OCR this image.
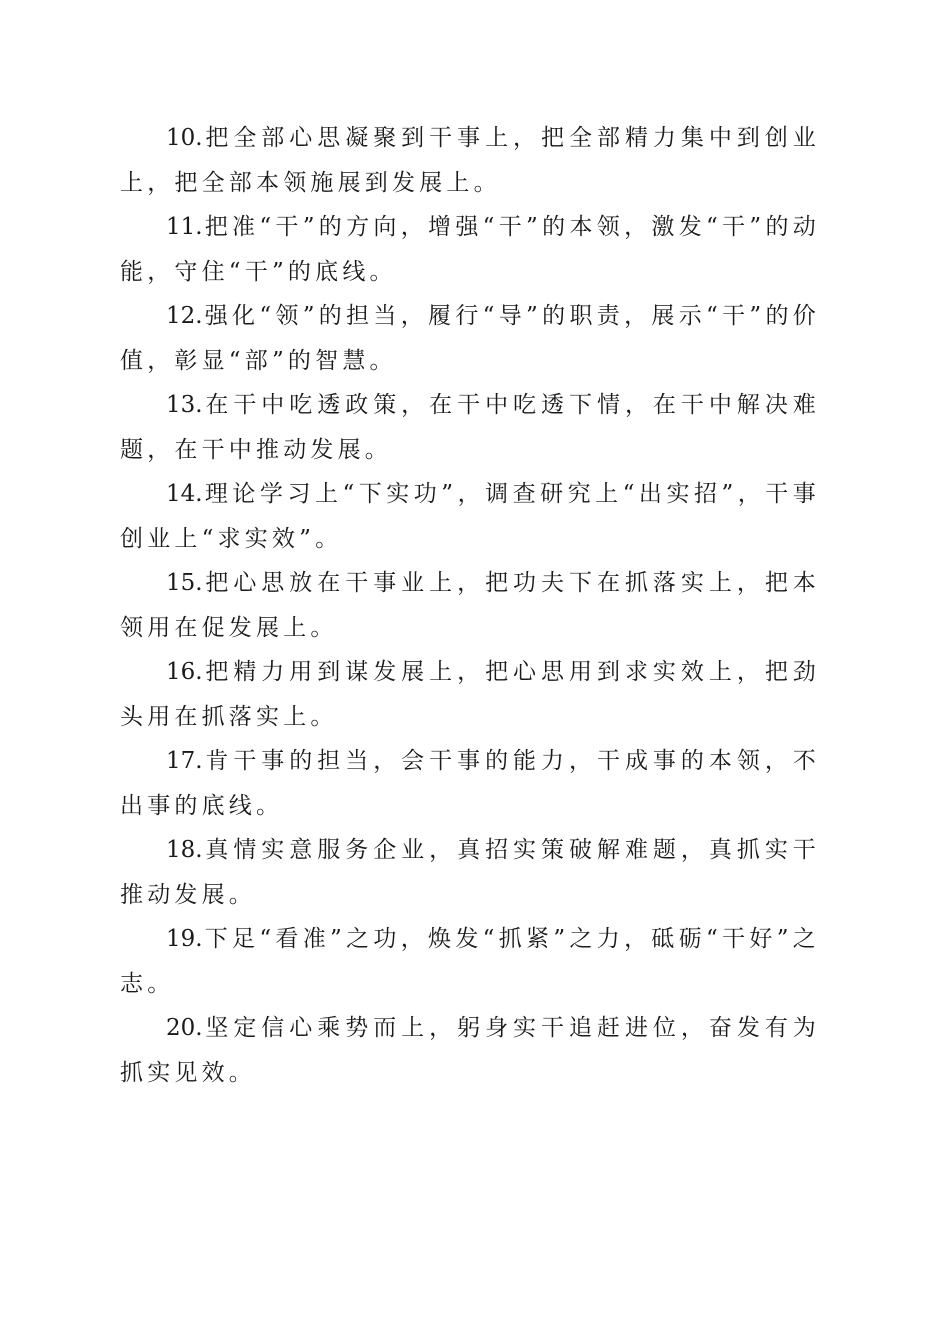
10.把全部心思凝聚到干事上，把全部精力集中到创业上，把全部本领施展到发展上。

11.把准“干”的方向，增强“干”的本领，激发“干”的动能，守住“干”的底线。

12.强化“领”的担当，履行“导”的职责，展示“干”的价值，彰显“部”的智慧。

13.在干中吃透政策，在干中吃透下情，在干中解决难题，在干中推动发展。

14.理论学习上“下实功”，调查研究上“出实招”，干事创业上“求实效”。

15.把心思放在干事业上，把功夫下在抓落实上，把本领用在促发展上。

16.把精力用到谋发展上，把心思用到求实效上，把劲头用在抓落实上。

17.肯干事的担当，会干事的能力，干成事的本领，不出事的底线。

18.真情实意服务企业，真招实策破解难题，真抓实干推动发展。

19.下足“看准”之功，焕发“抓紧”之力，砥砺“干好”之志。

20.坚定信心乘势而上，躬身实干追赶进位，奋发有为抓实见效。
